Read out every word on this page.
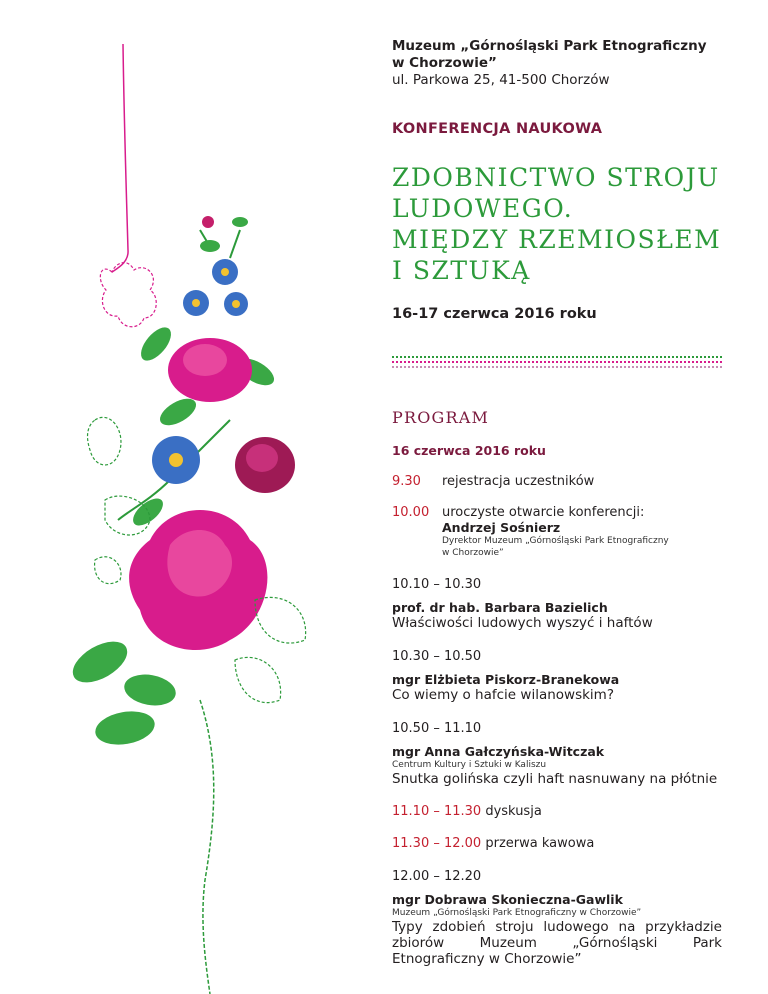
Muzeum „Górnośląski Park Etnograficzny
w Chorzowie”
ul. Parkowa 25, 41-500 Chorzów
KONFERENCJA NAUKOWA
ZDOBNICTWO STROJU
LUDOWEGO.
MIĘDZY RZEMIOSŁEM
I SZTUKĄ
16-17 czerwca 2016 roku
PROGRAM
16 czerwca 2016 roku
9.30	rejestracja uczestników
10.00 uroczyste otwarcie konferencji:
Andrzej Sośnierz
Dyrektor Muzeum „Górnośląski Park Etnograficzny
w Chorzowie”
10.10 – 10.30
prof. dr hab. Barbara Bazielich
Właściwości ludowych wyszyć i haftów
10.30 – 10.50
mgr Elżbieta Piskorz-Branekowa
Co wiemy o hafcie wilanowskim?
10.50 – 11.10
mgr Anna Gałczyńska-Witczak
Centrum Kultury i Sztuki w Kaliszu
Snutka golińska czyli haft nasnuwany na płótnie
11.10 – 11.30 dyskusja
11.30 – 12.00 przerwa kawowa
12.00 – 12.20
mgr Dobrawa Skonieczna-Gawlik
Muzeum „Górnośląski Park Etnograficzny w Chorzowie”
Typy zdobień stroju ludowego na przykładzie zbiorów Muzeum „Górnośląski Park Etnograficzny w Chorzowie”
